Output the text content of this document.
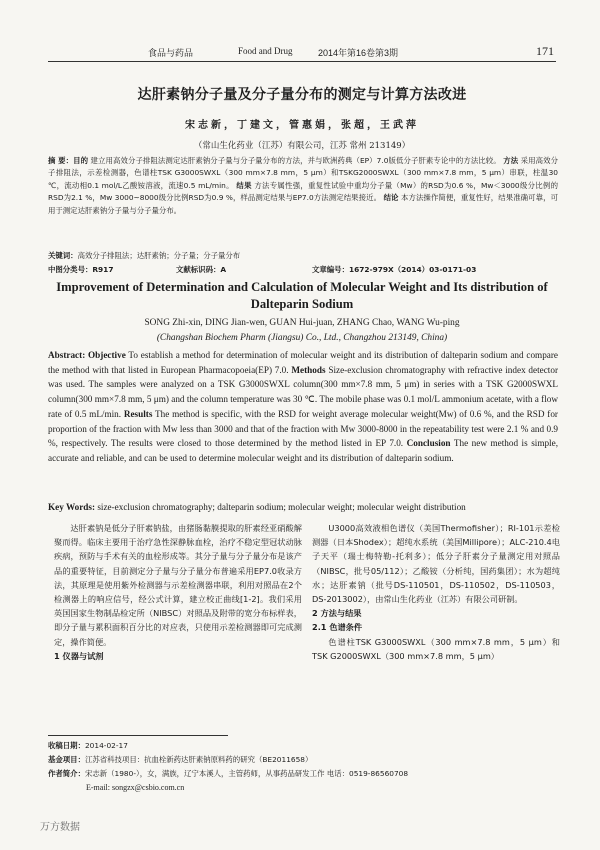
食品与药品	Food and Drug	2014年第16卷第3期	171
达肝素钠分子量及分子量分布的测定与计算方法改进
宋志新，丁建文，管惠娟，张超，王武萍
（常山生化药业（江苏）有限公司，江苏 常州 213149）
摘 要：目的 建立用高效分子排阻法测定达肝素钠分子量与分子量分布的方法，并与欧洲药典（EP）7.0版低分子肝素专论中的方法比较。 方法 采用高效分子排阻法，示差检测器，色谱柱TSK G3000SWXL（300 mm×7.8 mm，5 μm）和TSKG2000SWXL（300 mm×7.8 mm，5 μm）串联，柱温30 ℃，流动相0.1 mol/L乙酸铵溶液，流速0.5 mL/min。 结果 方法专属性强，重复性试验中重均分子量（Mw）的RSD为0.6 %，Mw＜3000级分比例的RSD为2.1 %，Mw 3000~8000级分比例RSD为0.9 %，样品测定结果与EP7.0方法测定结果接近。 结论 本方法操作简便，重复性好，结果准确可靠，可用于测定达肝素钠分子量与分子量分布。
关键词：高效分子排阻法；达肝素钠；分子量；分子量分布
中图分类号：R917	文献标识码：A	文章编号：1672-979X（2014）03-0171-03
Improvement of Determination and Calculation of Molecular Weight and Its distribution of Dalteparin Sodium
SONG Zhi-xin, DING Jian-wen, GUAN Hui-juan, ZHANG Chao, WANG Wu-ping
(Changshan Biochem Pharm (Jiangsu) Co., Ltd., Changzhou 213149, China)
Abstract: Objective To establish a method for determination of molecular weight and its distribution of dalteparin sodium and compare the method with that listed in European Pharmacopoeia(EP) 7.0. Methods Size-exclusion chromatography with refractive index detector was used. The samples were analyzed on a TSK G3000SWXL column(300 mm×7.8 mm, 5 μm) in series with a TSK G2000SWXL column(300 mm×7.8 mm, 5 μm) and the column temperature was 30 ℃. The mobile phase was 0.1 mol/L ammonium acetate, with a flow rate of 0.5 mL/min. Results The method is specific, with the RSD for weight average molecular weight(Mw) of 0.6 %, and the RSD for proportion of the fraction with Mw less than 3000 and that of the fraction with Mw 3000-8000 in the repeatability test were 2.1 % and 0.9 %, respectively. The results were closed to those determined by the method listed in EP 7.0. Conclusion The new method is simple, accurate and reliable, and can be used to determine molecular weight and its distribution of dalteparin sodium.
Key Words: size-exclusion chromatography; dalteparin sodium; molecular weight; molecular weight distribution

达肝素钠是低分子肝素钠盐，由猪肠黏膜提取的肝素经亚硝酸解聚而得。临床主要用于治疗急性深静脉血栓，治疗不稳定型冠状动脉疾病，预防与手术有关的血栓形成等。其分子量与分子量分布是该产品的重要特征，目前测定分子量与分子量分布普遍采用EP7.0收录方法，其原理是使用紫外检测器与示差检测器串联，利用对照品在2个检测器上的响应信号，经公式计算，建立校正曲线[1-2]。我们采用英国国家生物制品检定所（NIBSC）对照品及附带的宽分布标样表，即分子量与累积面积百分比的对应表，只使用示差检测器即可完成测定，操作简便。

1 仪器与试剂

U3000高效液相色谱仪（美国Thermofisher）；RI-101示差检测器（日本Shodex）；超纯水系统（美国Millipore）；ALC-210.4电子天平（瑞士梅特勒-托利多）；低分子肝素分子量测定用对照品（NIBSC，批号05/112）；乙酸铵（分析纯，国药集团）；水为超纯水；达肝素钠（批号DS-110501，DS-110502，DS-110503，DS-2013002），由常山生化药业（江苏）有限公司研制。

2 方法与结果

2.1 色谱条件

色谱柱TSK G3000SWXL（300 mm×7.8 mm，5 μm）和TSK G2000SWXL（300 mm×7.8 mm，5 μm）

收稿日期：2014-02-17
基金项目：江苏省科技项目：抗血栓新药达肝素钠原料药的研究（BE2011658）
作者简介：宋志新（1980-），女，满族，辽宁本溪人，主管药师，从事药品研发工作 电话：0519-86560708
E-mail: songzx@csbio.com.cn
万方数据
